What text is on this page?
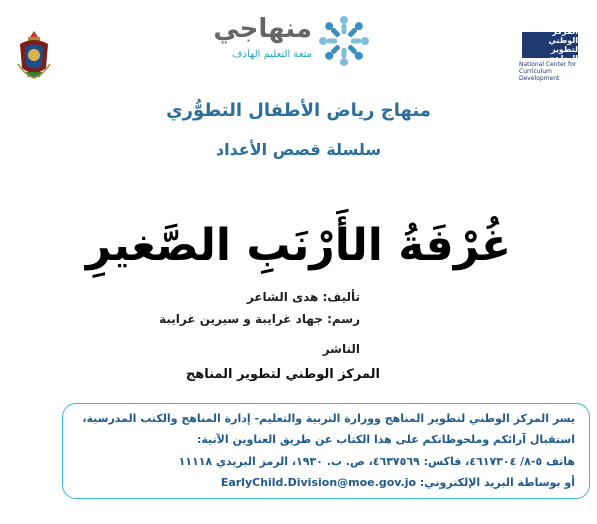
منهاجي
متعة التعليم الهادف
المركز الوطني لتطوير المناهج
National Center for Curriculum Development
منهاج رياض الأطفال التطوُّري
سلسلة قصص الأعداد
غُرْفَةُ الأَرْنَبِ الصَّغيرِ
تأليف: هدى الشاعر
رسم: جهاد غرايبة و سيرين غرايبة
الناشر
المركز الوطني لتطوير المناهج
يسر المركز الوطني لتطوير المناهج ووزارة التربية والتعليم- إدارة المناهج والكتب المدرسية،
استقبال آرائكم وملحوظاتكم على هذا الكتاب عن طريق العناوين الآتية:
هاتف ٥-٨/ ٤٦١٧٣٠٤، فاكس: ٤٦٣٧٥٦٩، ص. ب. ١٩٣٠، الرمز البريدي ١١١١٨
أو بوساطة البريد الإلكتروني: EarlyChild.Division@moe.gov.jo
